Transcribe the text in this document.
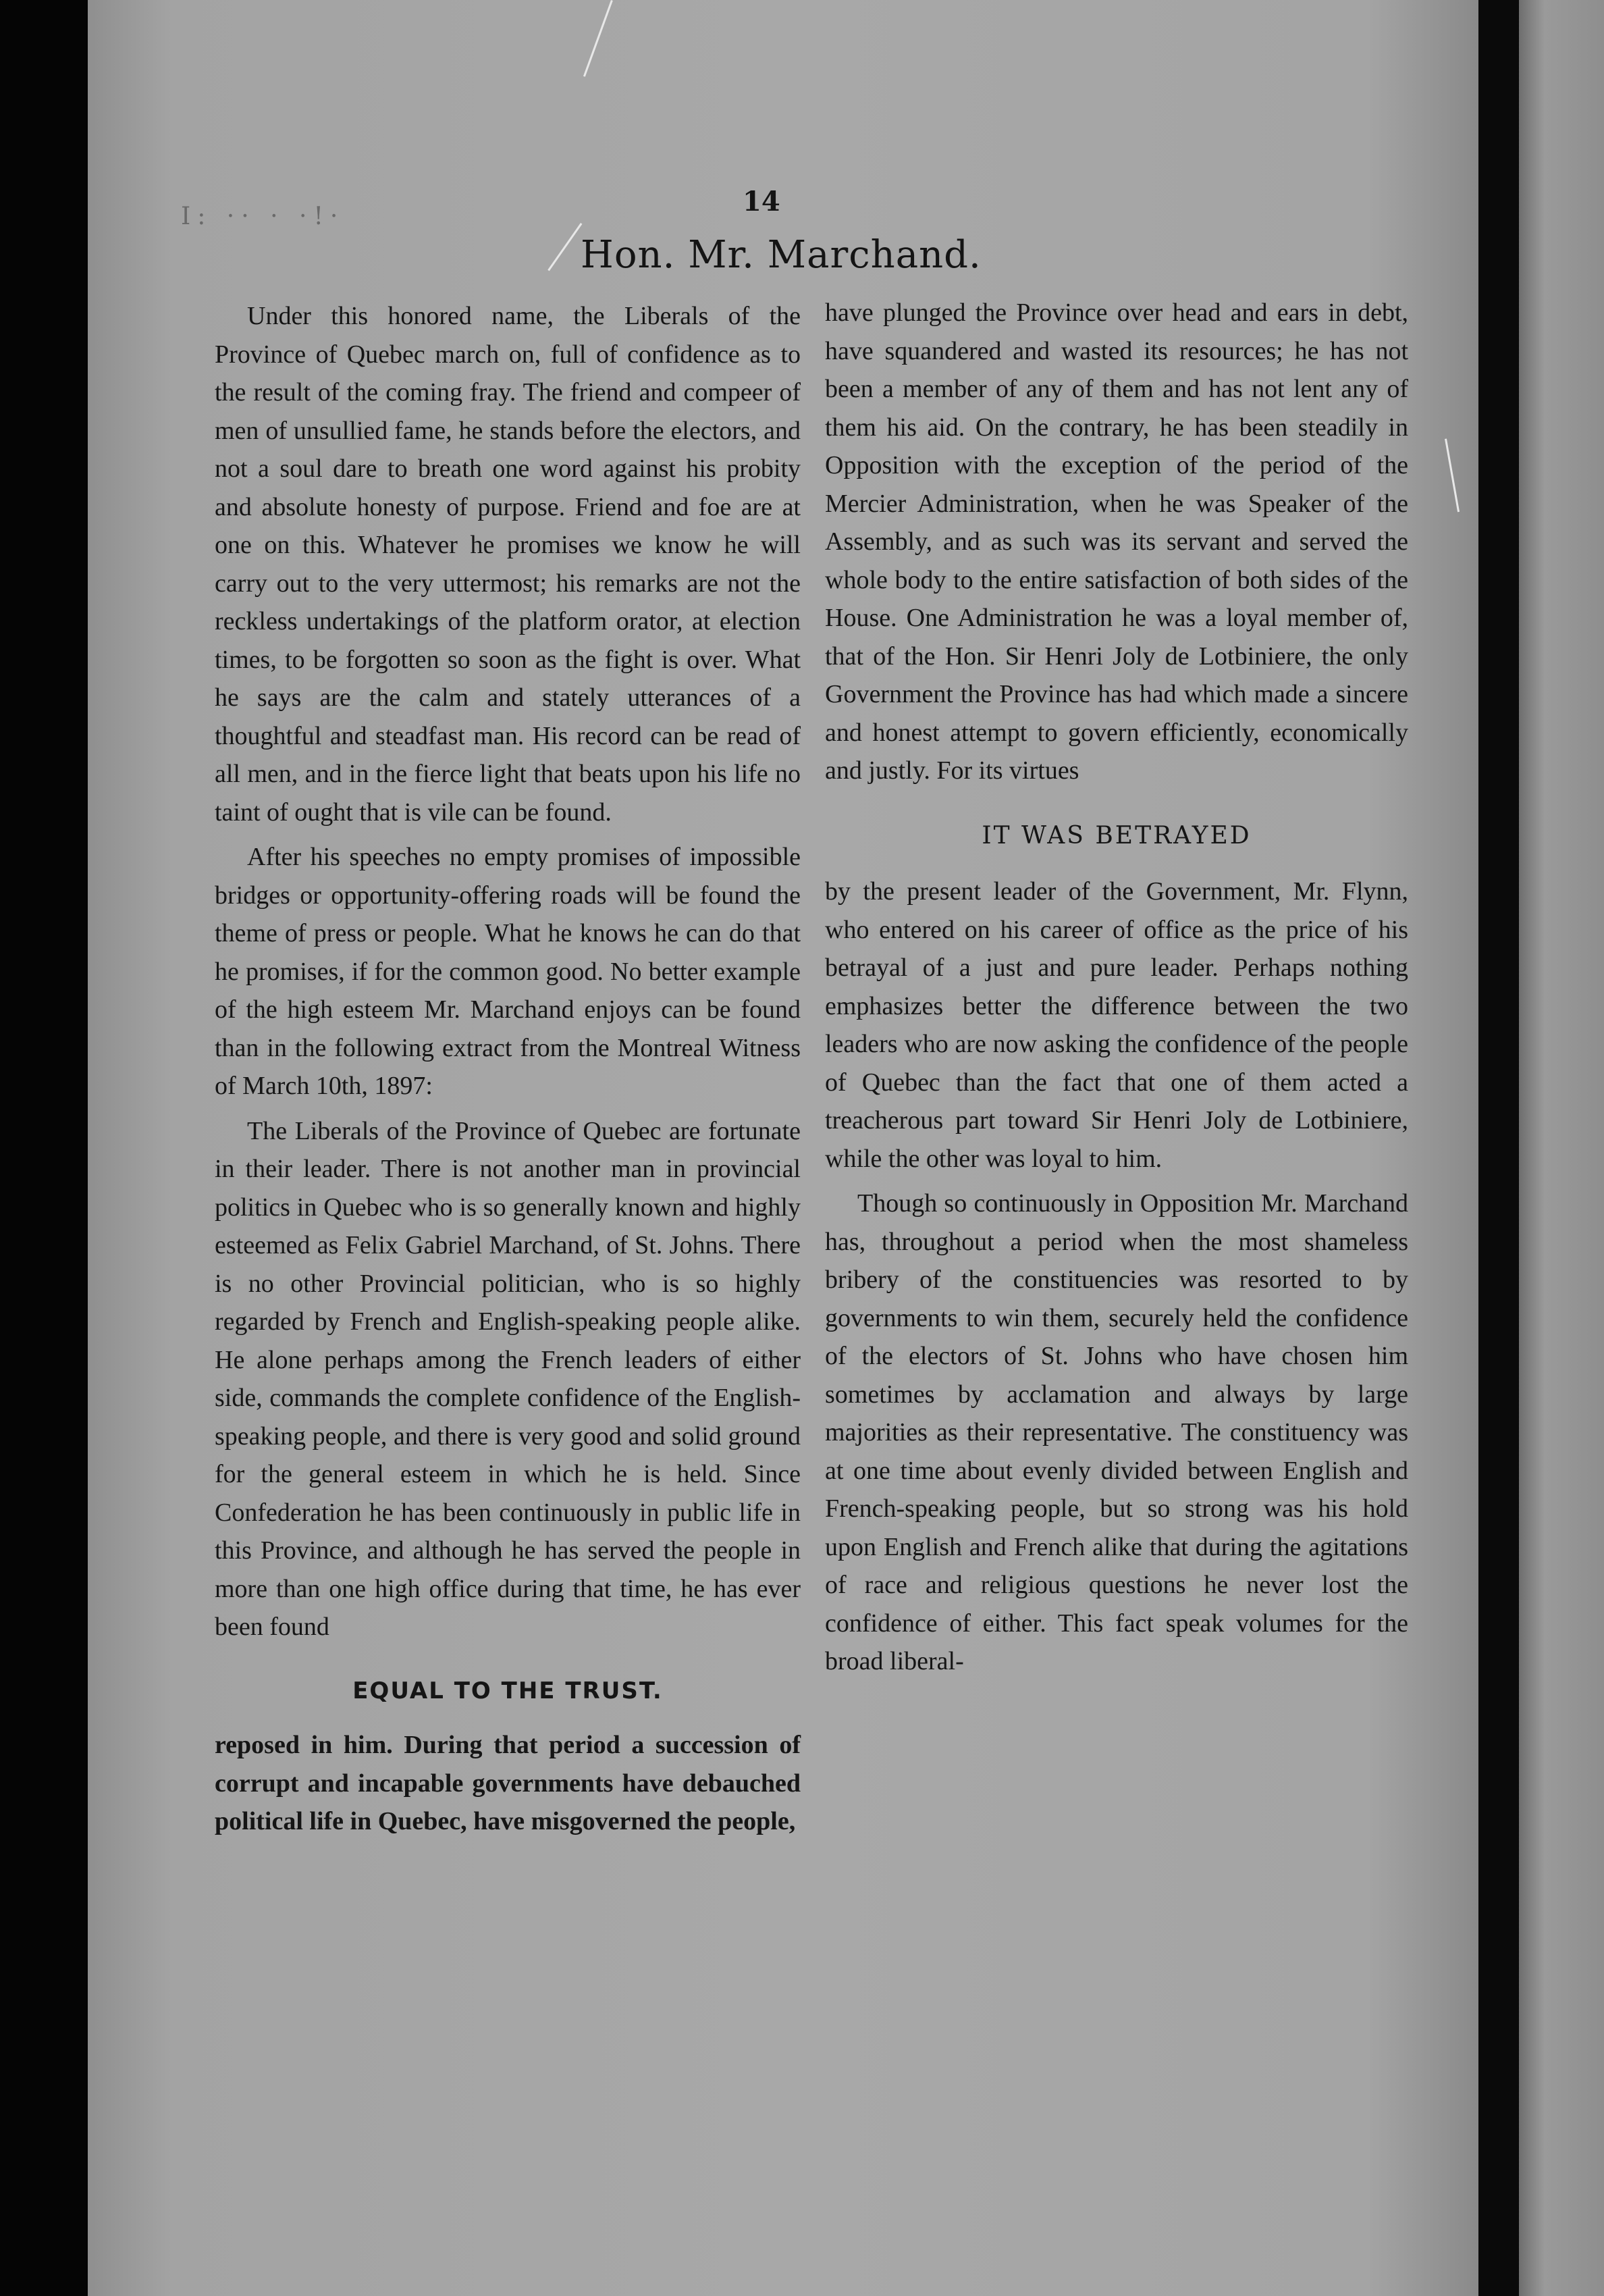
I: ·· · ·!·	14
Hon. Mr. Marchand.

Under this honored name, the Liberals of the Province of Quebec march on, full of confidence as to the result of the coming fray. The friend and compeer of men of unsullied fame, he stands before the electors, and not a soul dare to breath one word against his probity and absolute honesty of purpose. Friend and foe are at one on this. Whatever he promises we know he will carry out to the very uttermost; his remarks are not the reckless undertakings of the platform orator, at election times, to be forgotten so soon as the fight is over. What he says are the calm and stately utterances of a thoughtful and steadfast man. His record can be read of all men, and in the fierce light that beats upon his life no taint of ought that is vile can be found.

After his speeches no empty promises of impossible bridges or opportunity-offering roads will be found the theme of press or people. What he knows he can do that he promises, if for the common good. No better example of the high esteem Mr. Marchand enjoys can be found than in the following extract from the Montreal Witness of March 10th, 1897:

The Liberals of the Province of Quebec are fortunate in their leader. There is not another man in provincial politics in Quebec who is so generally known and highly esteemed as Felix Gabriel Marchand, of St. Johns. There is no other Provincial politician, who is so highly regarded by French and English-speaking people alike. He alone perhaps among the French leaders of either side, commands the complete confidence of the English-speaking people, and there is very good and solid ground for the general esteem in which he is held. Since Confederation he has been continuously in public life in this Province, and although he has served the people in more than one high office during that time, he has ever been found

EQUAL TO THE TRUST.

reposed in him. During that period a succession of corrupt and incapable governments have debauched political life in Quebec, have misgoverned the people,

have plunged the Province over head and ears in debt, have squandered and wasted its resources; he has not been a member of any of them and has not lent any of them his aid. On the contrary, he has been steadily in Opposition with the exception of the period of the Mercier Administration, when he was Speaker of the Assembly, and as such was its servant and served the whole body to the entire satisfaction of both sides of the House. One Administration he was a loyal member of, that of the Hon. Sir Henri Joly de Lotbiniere, the only Government the Province has had which made a sincere and honest attempt to govern efficiently, economically and justly. For its virtues

IT WAS BETRAYED

by the present leader of the Government, Mr. Flynn, who entered on his career of office as the price of his betrayal of a just and pure leader. Perhaps nothing emphasizes better the difference between the two leaders who are now asking the confidence of the people of Quebec than the fact that one of them acted a treacherous part toward Sir Henri Joly de Lotbiniere, while the other was loyal to him.

Though so continuously in Opposition Mr. Marchand has, throughout a period when the most shameless bribery of the constituencies was resorted to by governments to win them, securely held the confidence of the electors of St. Johns who have chosen him sometimes by acclamation and always by large majorities as their representative. The constituency was at one time about evenly divided between English and French-speaking people, but so strong was his hold upon English and French alike that during the agitations of race and religious questions he never lost the confidence of either. This fact speak volumes for the broad liberal-
